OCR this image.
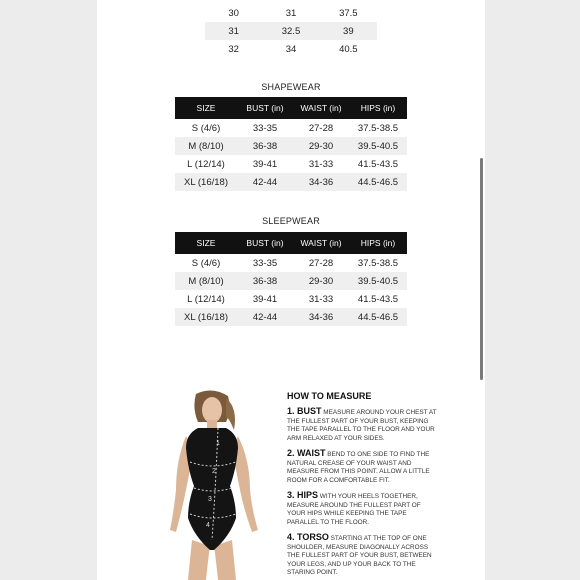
30	31	37.5
31	32.5	39
32	34	40.5
SHAPEWEAR
SIZE	BUST (in)	WAIST (in)	HIPS (in)
S (4/6)	33-35	27-28	37.5-38.5
M (8/10)	36-38	29-30	39.5-40.5
L (12/14)	39-41	31-33	41.5-43.5
XL (16/18)	42-44	34-36	44.5-46.5
SLEEPWEAR
SIZE	BUST (in)	WAIST (in)	HIPS (in)
S (4/6)	33-35	27-28	37.5-38.5
M (8/10)	36-38	29-30	39.5-40.5
L (12/14)	39-41	31-33	41.5-43.5
XL (16/18)	42-44	34-36	44.5-46.5
1
2
3
4
HOW TO MEASURE
1. BUST MEASURE AROUND YOUR CHEST AT THE FULLEST PART OF YOUR BUST, KEEPING THE TAPE PARALLEL TO THE FLOOR AND YOUR ARM RELAXED AT YOUR SIDES.
2. WAIST BEND TO ONE SIDE TO FIND THE NATURAL CREASE OF YOUR WAIST AND MEASURE FROM THIS POINT. ALLOW A LITTLE ROOM FOR A COMFORTABLE FIT.
3. HIPS WITH YOUR HEELS TOGETHER, MEASURE AROUND THE FULLEST PART OF YOUR HIPS WHILE KEEPING THE TAPE PARALLEL TO THE FLOOR.
4. TORSO STARTING AT THE TOP OF ONE SHOULDER, MEASURE DIAGONALLY ACROSS THE FULLEST PART OF YOUR BUST, BETWEEN YOUR LEGS, AND UP YOUR BACK TO THE STARING POINT.
